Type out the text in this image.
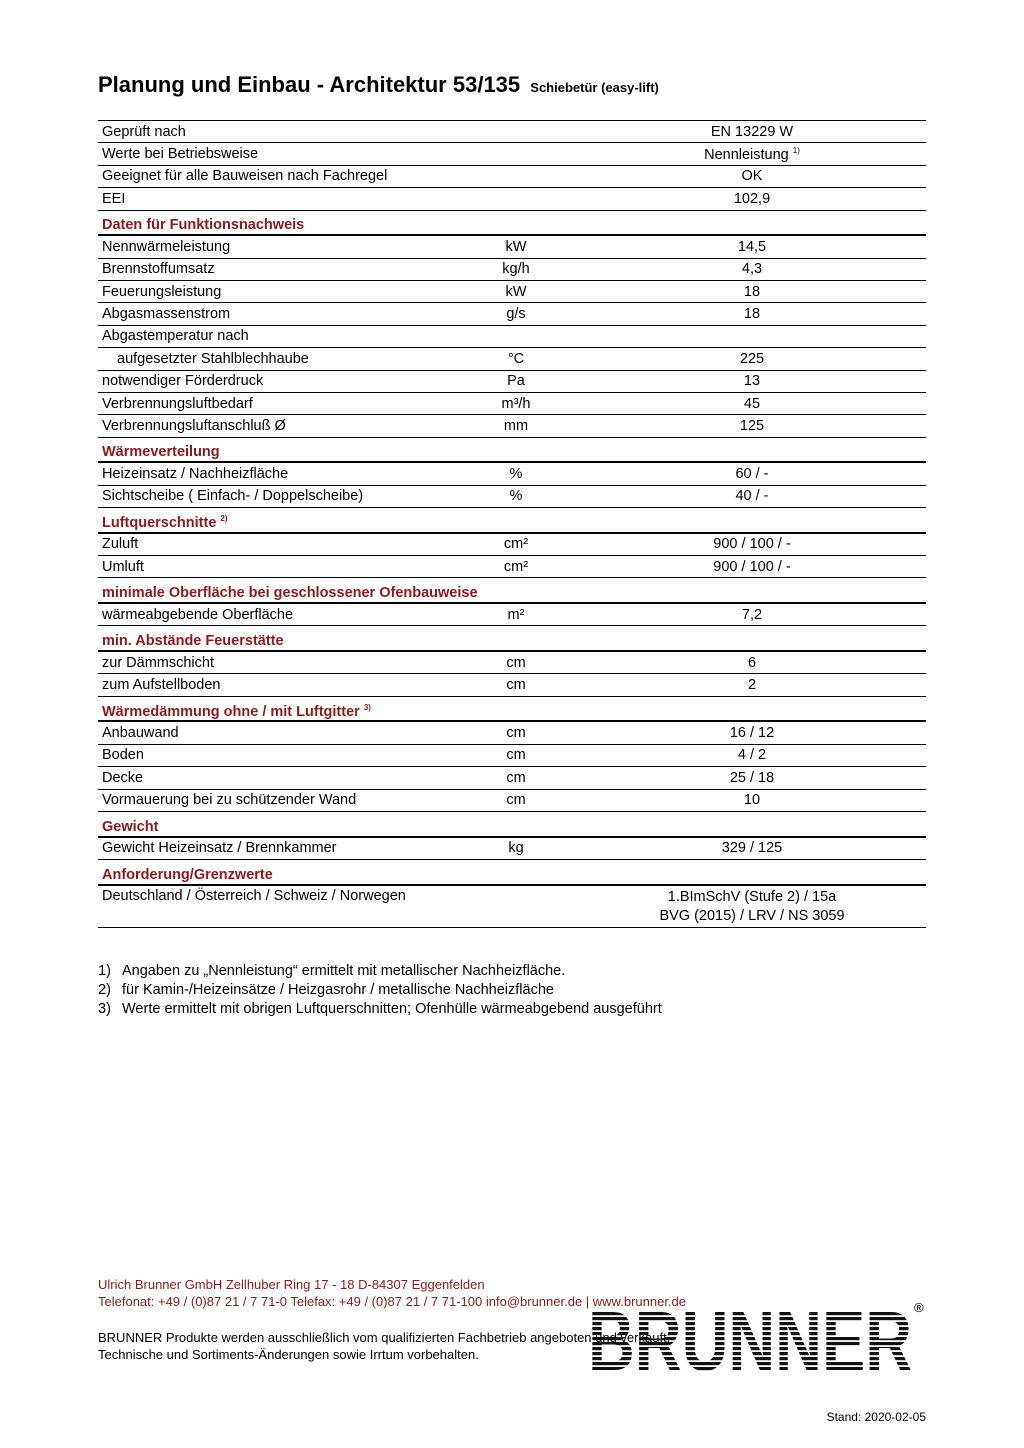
Planung und Einbau - Architektur 53/135 Schiebetür (easy-lift)
Geprüft nach	EN 13229 W
Werte bei Betriebsweise	Nennleistung $^{1)}$
Geeignet für alle Bauweisen nach Fachregel	OK
EEI	102,9
Daten für Funktionsnachweis
Nennwärmeleistung	kW	14,5
Brennstoffumsatz	kg/h	4,3
Feuerungsleistung	kW	18
Abgasmassenstrom	g/s	18
Abgastemperatur nach
aufgesetzter Stahlblechhaube	°C	225
notwendiger Förderdruck	Pa	13
Verbrennungsluftbedarf	m³/h	45
Verbrennungsluftanschluß Ø	mm	125
Wärmeverteilung
Heizeinsatz / Nachheizfläche	%	60 / -
Sichtscheibe ( Einfach- / Doppelscheibe)	%	40 / -
Luftquerschnitte $^{2)}$
Zuluft	cm²	900 / 100 / -
Umluft	cm²	900 / 100 / -
minimale Oberfläche bei geschlossener Ofenbauweise
wärmeabgebende Oberfläche	m²	7,2
min. Abstände Feuerstätte
zur Dämmschicht	cm	6
zum Aufstellboden	cm	2
Wärmedämmung ohne / mit Luftgitter $^{3)}$
Anbauwand	cm	16 / 12
Boden	cm	4 / 2
Decke	cm	25 / 18
Vormauerung bei zu schützender Wand	cm	10
Gewicht
Gewicht Heizeinsatz / Brennkammer	kg	329 / 125
Anforderung/Grenzwerte
Deutschland / Österreich / Schweiz / Norwegen	1.BImSchV (Stufe 2) / 15a
BVG (2015) / LRV / NS 3059
1) Angaben zu „Nennleistung“ ermittelt mit metallischer Nachheizfläche.
2) für Kamin-/Heizeinsätze / Heizgasrohr / metallische Nachheizfläche
3) Werte ermittelt mit obrigen Luftquerschnitten; Ofenhülle wärmeabgebend ausgeführt
Ulrich Brunner GmbH Zellhuber Ring 17 - 18 D-84307 Eggenfelden
Telefonat: +49 / (0)87 21 / 7 71-0 Telefax: +49 / (0)87 21 / 7 71-100 info@brunner.de | www.brunner.de
BRUNNER Produkte werden ausschließlich vom qualifizierten Fachbetrieb angeboten und verkauft.
Technische und Sortiments-Änderungen sowie Irrtum vorbehalten.	BRUNNER ®
Stand: 2020-02-05
